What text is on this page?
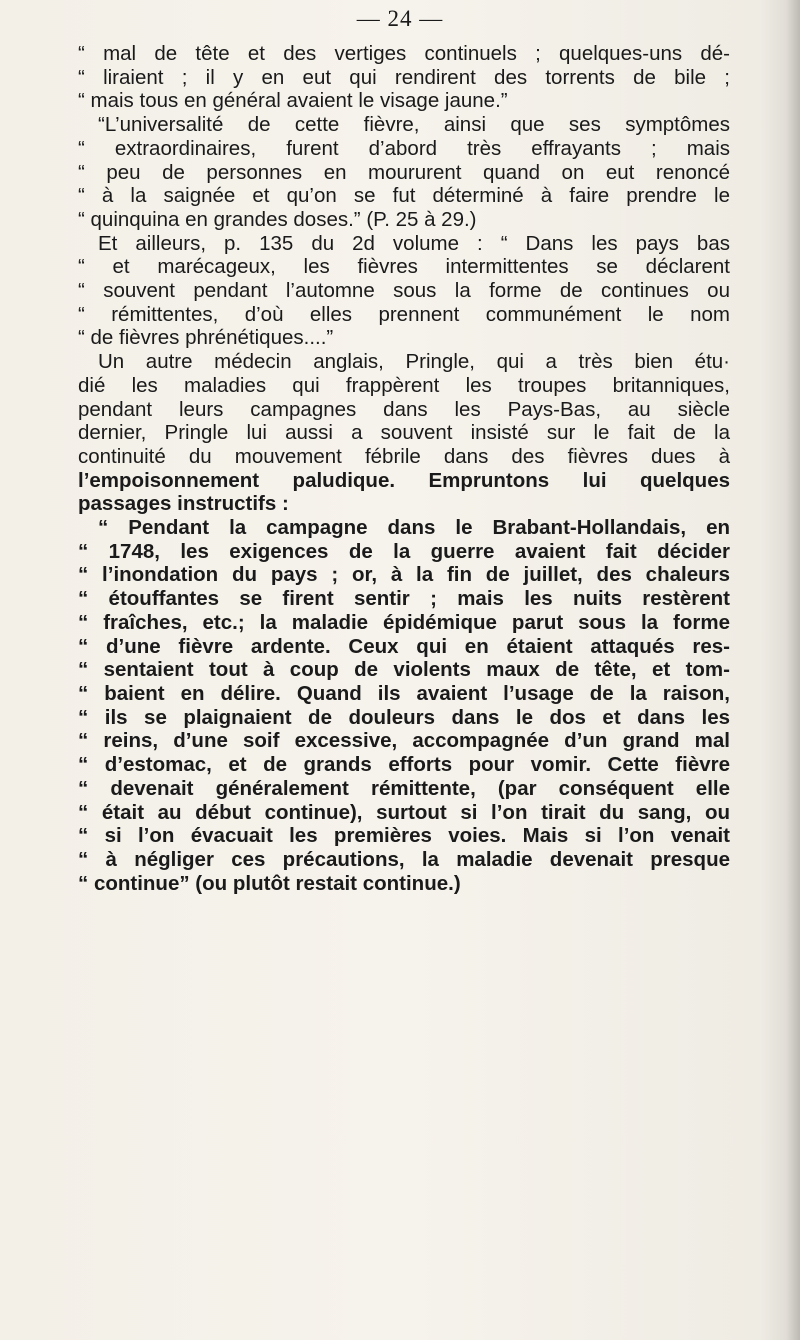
— 24 —
“ mal de tête et des vertiges continuels ; quelques-uns dé-
“ liraient ; il y en eut qui rendirent des torrents de bile ;
“ mais tous en général avaient le visage jaune.”
“L’universalité de cette fièvre, ainsi que ses symptômes
“ extraordinaires, furent d’abord très effrayants ; mais
“ peu de personnes en moururent quand on eut renoncé
“ à la saignée et qu’on se fut déterminé à faire prendre le
“ quinquina en grandes doses.” (P. 25 à 29.)
Et ailleurs, p. 135 du 2d volume : “ Dans les pays bas
“ et marécageux, les fièvres intermittentes se déclarent
“ souvent pendant l’automne sous la forme de continues ou
“ rémittentes, d’où elles prennent communément le nom
“ de fièvres phrénétiques....”
Un autre médecin anglais, Pringle, qui a très bien étu·
dié les maladies qui frappèrent les troupes britanniques,
pendant leurs campagnes dans les Pays-Bas, au siècle
dernier, Pringle lui aussi a souvent insisté sur le fait de la
continuité du mouvement fébrile dans des fièvres dues à
l’empoisonnement paludique. Empruntons lui quelques
passages instructifs :
“ Pendant la campagne dans le Brabant-Hollandais, en
“ 1748, les exigences de la guerre avaient fait décider
“ l’inondation du pays ; or, à la fin de juillet, des chaleurs
“ étouffantes se firent sentir ; mais les nuits restèrent
“ fraîches, etc.; la maladie épidémique parut sous la forme
“ d’une fièvre ardente. Ceux qui en étaient attaqués res-
“ sentaient tout à coup de violents maux de tête, et tom-
“ baient en délire. Quand ils avaient l’usage de la raison,
“ ils se plaignaient de douleurs dans le dos et dans les
“ reins, d’une soif excessive, accompagnée d’un grand mal
“ d’estomac, et de grands efforts pour vomir. Cette fièvre
“ devenait généralement rémittente, (par conséquent elle
“ était au début continue), surtout si l’on tirait du sang, ou
“ si l’on évacuait les premières voies. Mais si l’on venait
“ à négliger ces précautions, la maladie devenait presque
“ continue” (ou plutôt restait continue.)
